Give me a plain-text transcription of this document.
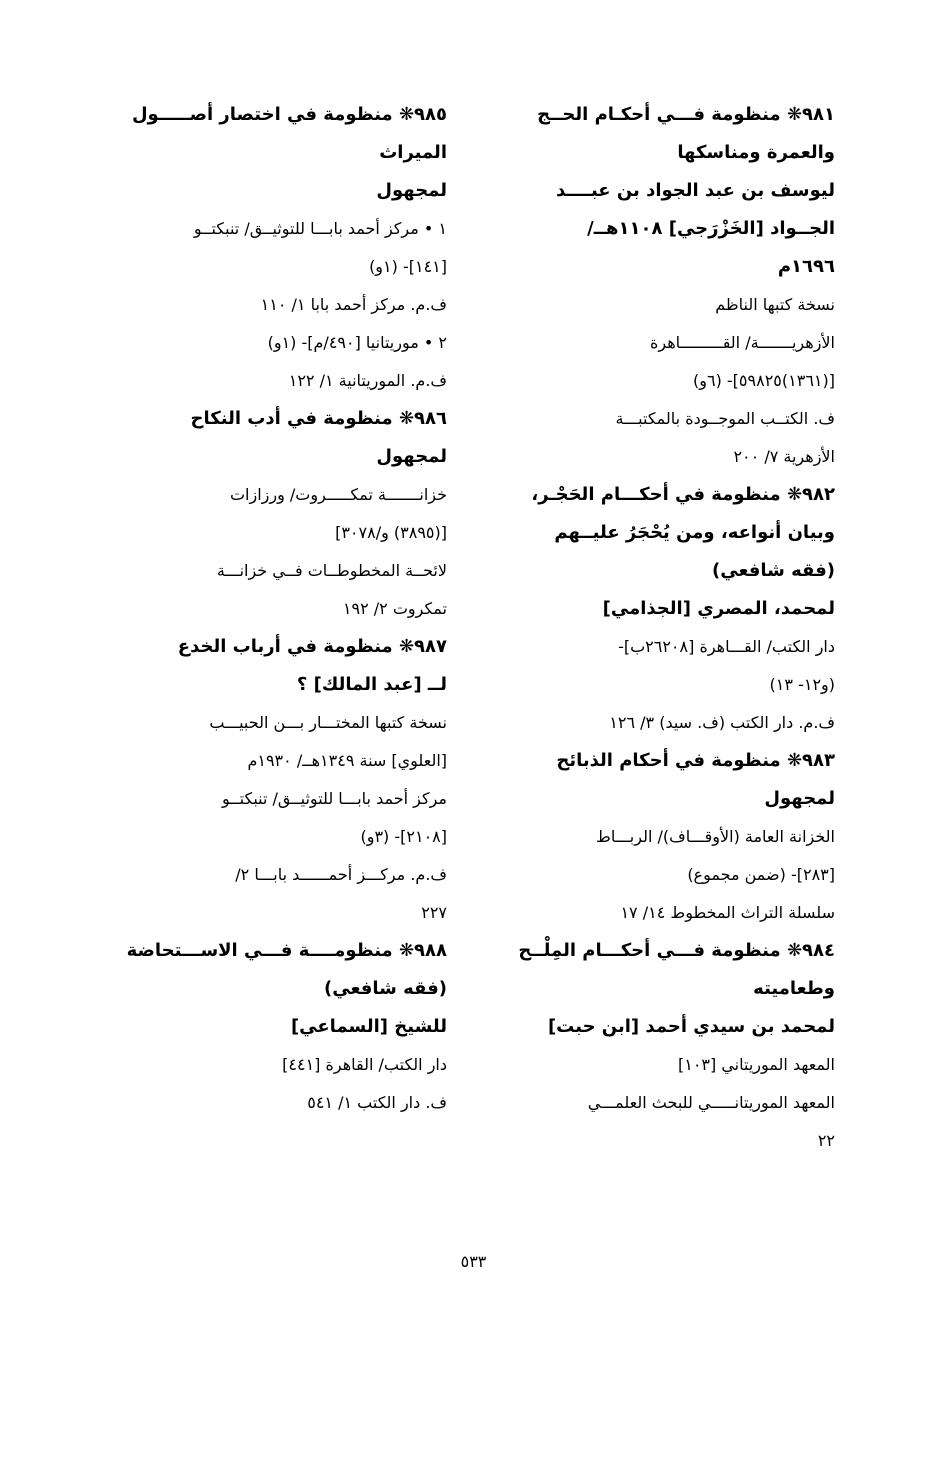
٩٨١❋ منظومة فـــي أحكـام الحــج
والعمرة ومناسكها
ليوسف بن عبد الجواد بن عبــــد
الجــواد [الخَزْرَجي] ١١٠٨هــ/
١٦٩٦م
نسخة كتبها الناظم
الأزهريـــــــة/ القـــــــــاهرة
[(١٣٦١)٥٩٨٢٥]- (٦و)
ف. الكتــب الموجــودة بالمكتبـــة
الأزهرية ٧/ ٢٠٠
٩٨٢❋ منظومة في أحكـــام الحَجْـر،
وبيان أنواعه، ومن يُحْجَرُ عليــهم
(فقه شافعي)
لمحمد، المصري [الجذامي]
دار الكتب/ القـــاهرة [٢٦٢٠٨ب]-
(و١٢- ١٣)
ف.م. دار الكتب (ف. سيد) ٣/ ١٢٦
٩٨٣❋ منظومة في أحكام الذبائح
لمجهول
الخزانة العامة (الأوقـــاف)/ الربـــاط
[٢٨٣]- (ضمن مجموع)
سلسلة التراث المخطوط ١٤/ ١٧
٩٨٤❋ منظومة فـــي أحكـــام المِلْــح
وطعاميته
لمحمد بن سيدي أحمد [ابن حبت]
المعهد الموريتاني [١٠٣]
المعهد الموريتانـــــي للبحث العلمـــي
٢٢
٩٨٥❋ منظومة في اختصار أصـــــول
الميراث
لمجهول
١ • مركز أحمد بابـــا للتوثيــق/ تنبكتــو
[١٤١]- (١و)
ف.م. مركز أحمد بابا ١/ ١١٠
٢ • موريتانيا [٤٩٠/م]- (١و)
ف.م. الموريتانية ١/ ١٢٢
٩٨٦❋ منظومة في أدب النكاح
لمجهول
خزانـــــــة تمكـــــروت/ ورزازات
[(٣٨٩٥) و/٣٠٧٨]
لائحــة المخطوطــات فــي خزانـــة
تمكروت ٢/ ١٩٢
٩٨٧❋ منظومة في أرباب الخدع
لــ [عبد المالك] ؟
نسخة كتبها المختـــار بـــن الحبيـــب
[العلوي] سنة ١٣٤٩هــ/ ١٩٣٠م
مركز أحمد بابـــا للتوثيــق/ تنبكتــو
[٢١٠٨]- (٣و)
ف.م. مركـــز أحمــــــد بابـــا ٢/
٢٢٧
٩٨٨❋ منظومــــة فـــي الاســـتحاضة
(فقه شافعي)
للشيخ [السماعي]
دار الكتب/ القاهرة [٤٤١]
ف. دار الكتب ١/ ٥٤١
٥٣٣
